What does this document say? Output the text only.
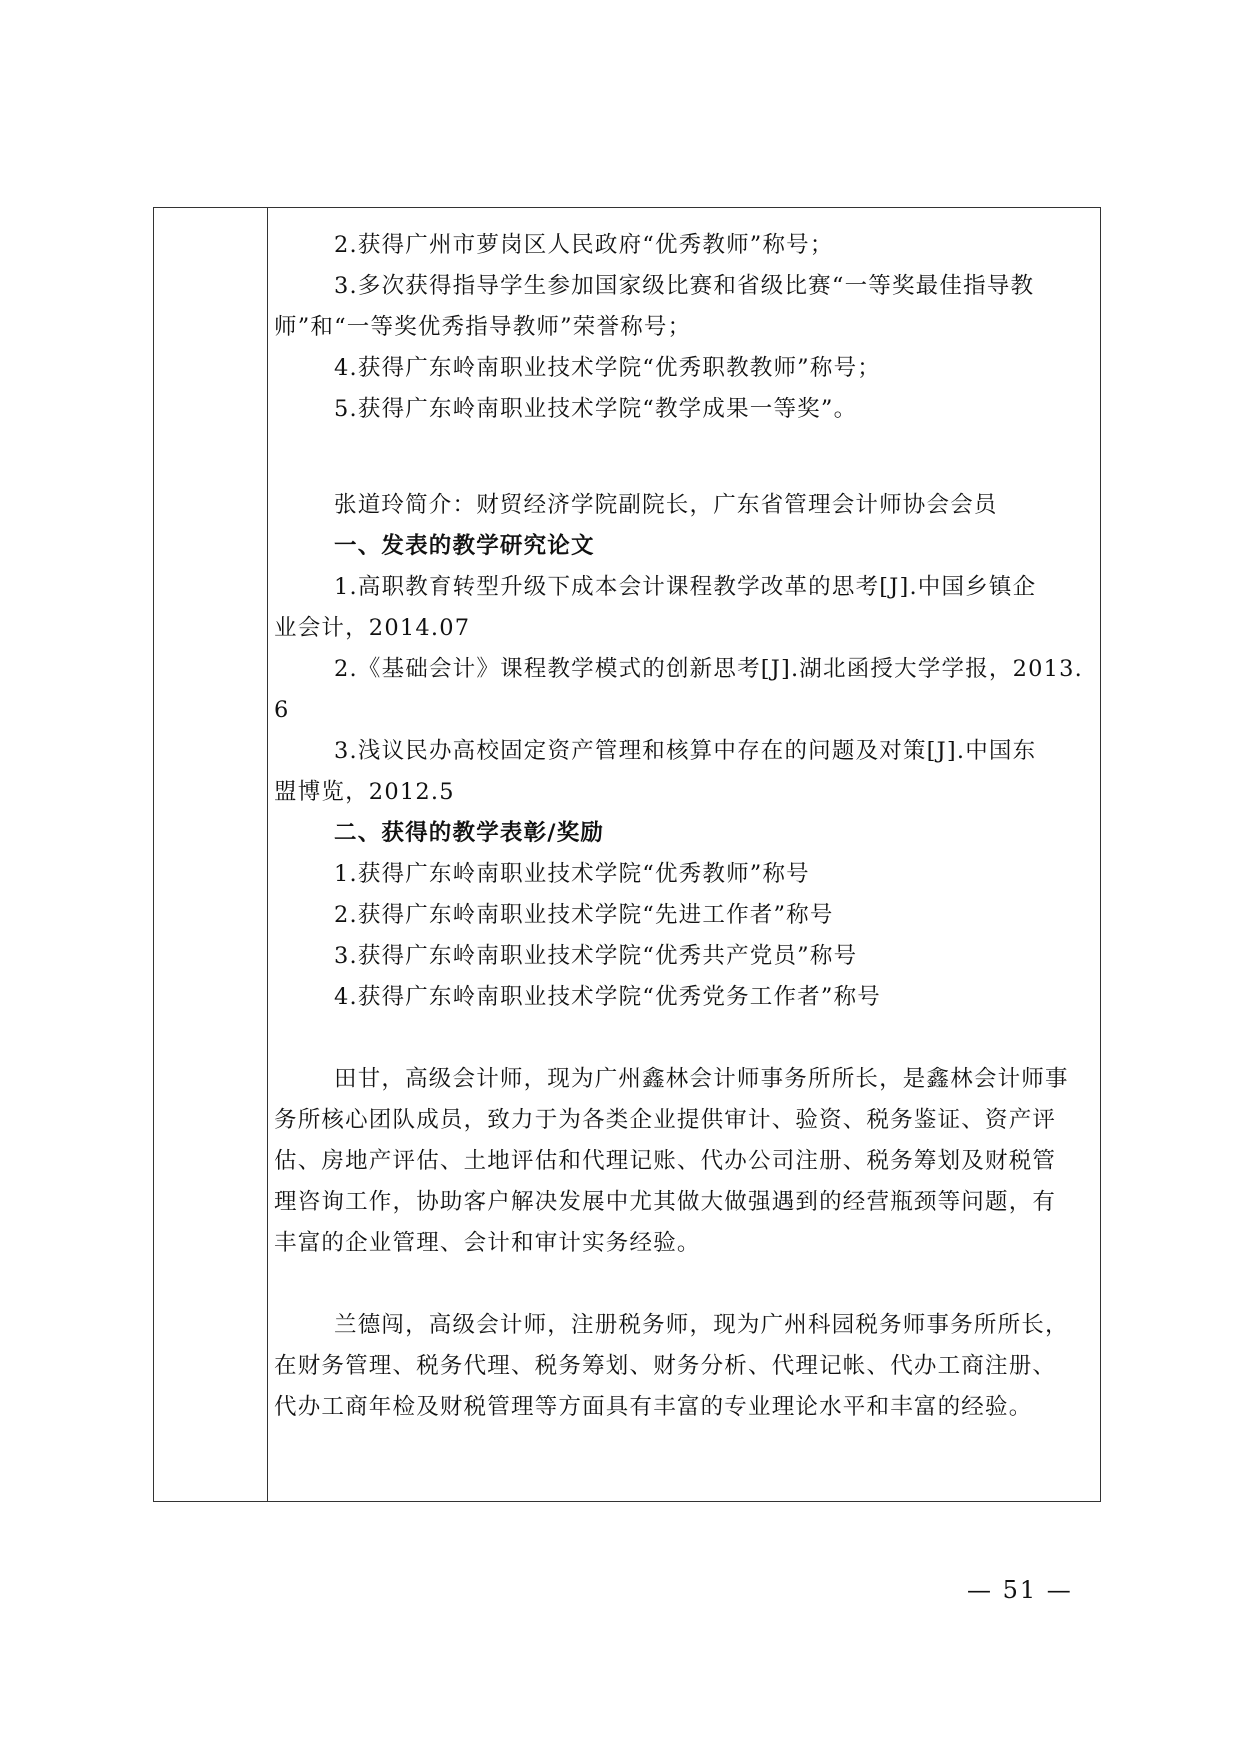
2.获得广州市萝岗区人民政府“优秀教师”称号；
3.多次获得指导学生参加国家级比赛和省级比赛“一等奖最佳指导教
师”和“一等奖优秀指导教师”荣誉称号；
4.获得广东岭南职业技术学院“优秀职教教师”称号；
5.获得广东岭南职业技术学院“教学成果一等奖”。
张道玲简介：财贸经济学院副院长，广东省管理会计师协会会员
一、发表的教学研究论文
1.高职教育转型升级下成本会计课程教学改革的思考[J].中国乡镇企
业会计，2014.07
2.《基础会计》课程教学模式的创新思考[J].湖北函授大学学报，2013.
6
3.浅议民办高校固定资产管理和核算中存在的问题及对策[J].中国东
盟博览，2012.5
二、获得的教学表彰/奖励
1.获得广东岭南职业技术学院“优秀教师”称号
2.获得广东岭南职业技术学院“先进工作者”称号
3.获得广东岭南职业技术学院“优秀共产党员”称号
4.获得广东岭南职业技术学院“优秀党务工作者”称号
田甘，高级会计师，现为广州鑫林会计师事务所所长，是鑫林会计师事
务所核心团队成员，致力于为各类企业提供审计、验资、税务鉴证、资产评
估、房地产评估、土地评估和代理记账、代办公司注册、税务筹划及财税管
理咨询工作，协助客户解决发展中尤其做大做强遇到的经营瓶颈等问题，有
丰富的企业管理、会计和审计实务经验。
兰德闯，高级会计师，注册税务师，现为广州科园税务师事务所所长，
在财务管理、税务代理、税务筹划、财务分析、代理记帐、代办工商注册、
代办工商年检及财税管理等方面具有丰富的专业理论水平和丰富的经验。
— 51 —
